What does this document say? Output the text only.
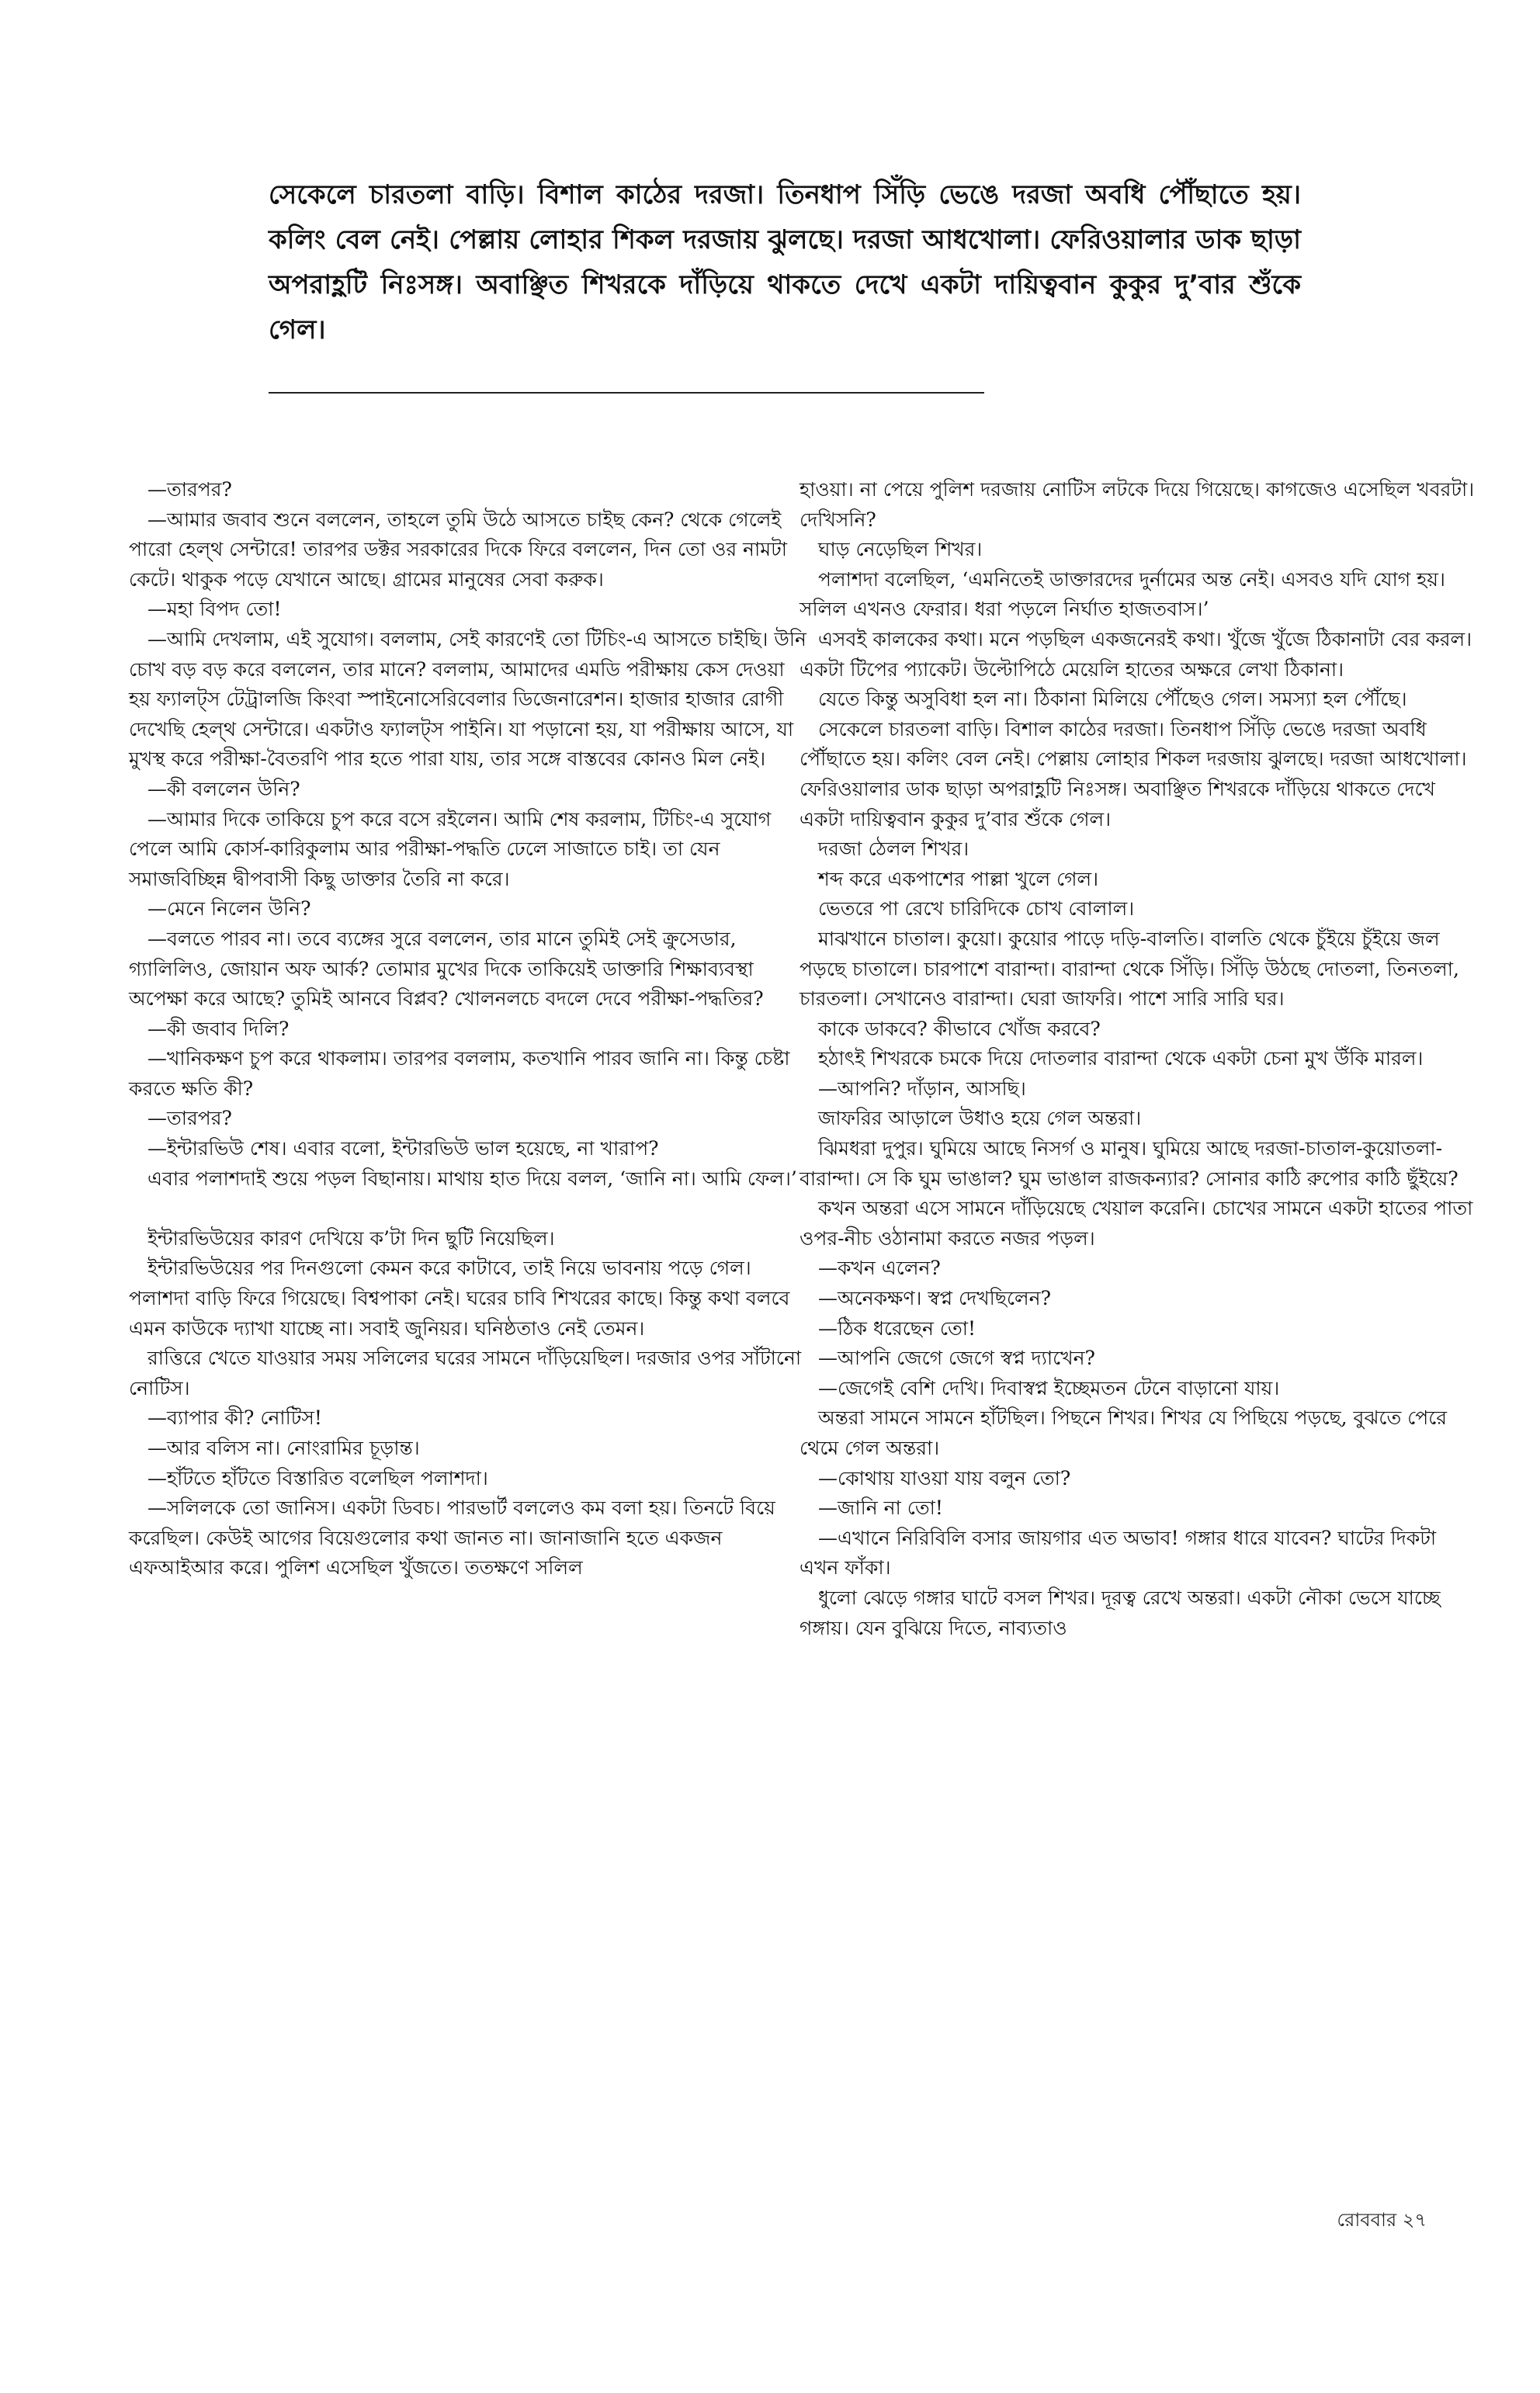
সেকেলে চারতলা বাড়ি। বিশাল কাঠের দরজা। তিনধাপ সিঁড়ি ভেঙে দরজা অবধি পৌঁছাতে হয়। কলিং বেল নেই। পেল্লায় লোহার শিকল দরজায় ঝুলছে। দরজা আধখোলা। ফেরিওয়ালার ডাক ছাড়া অপরাহ্ণটি নিঃসঙ্গ। অবাঞ্ছিত শিখরকে দাঁড়িয়ে থাকতে দেখে একটা দায়িত্ববান কুকুর দু’বার শুঁকে গেল।

—তারপর?

—আমার জবাব শুনে বললেন, তাহলে তুমি উঠে আসতে চাইছ কেন? থেকে গেলেই পারো হেল্‌থ সেন্টারে! তারপর ডক্টর সরকারের দিকে ফিরে বললেন, দিন তো ওর নামটা কেটে। থাকুক পড়ে যেখানে আছে। গ্রামের মানুষের সেবা করুক।

—মহা বিপদ তো!

—আমি দেখলাম, এই সুযোগ। বললাম, সেই কারণেই তো টিচিং-এ আসতে চাইছি। উনি চোখ বড় বড় করে বললেন, তার মানে? বললাম, আমাদের এমডি পরীক্ষায় কেস দেওয়া হয় ফ্যালট্‌স টেট্রালজি কিংবা স্পাইনোসেরিবেলার ডিজেনারেশন। হাজার হাজার রোগী দেখেছি হেল্‌থ সেন্টারে। একটাও ফ্যালট্‌স পাইনি। যা পড়ানো হয়, যা পরীক্ষায় আসে, যা মুখস্থ করে পরীক্ষা-বৈতরণি পার হতে পারা যায়, তার সঙ্গে বাস্তবের কোনও মিল নেই।

—কী বললেন উনি?

—আমার দিকে তাকিয়ে চুপ করে বসে রইলেন। আমি শেষ করলাম, টিচিং-এ সুযোগ পেলে আমি কোর্স-কারিকুলাম আর পরীক্ষা-পদ্ধতি ঢেলে সাজাতে চাই। তা যেন সমাজবিচ্ছিন্ন দ্বীপবাসী কিছু ডাক্তার তৈরি না করে।

—মেনে নিলেন উনি?

—বলতে পারব না। তবে ব্যঙ্গের সুরে বললেন, তার মানে তুমিই সেই ক্রুসেডার, গ্যালিলিও, জোয়ান অফ আর্ক? তোমার মুখের দিকে তাকিয়েই ডাক্তারি শিক্ষাব্যবস্থা অপেক্ষা করে আছে? তুমিই আনবে বিপ্লব? খোলনলচে বদলে দেবে পরীক্ষা-পদ্ধতির?

—কী জবাব দিলি?

—খানিকক্ষণ চুপ করে থাকলাম। তারপর বললাম, কতখানি পারব জানি না। কিন্তু চেষ্টা করতে ক্ষতি কী?

—তারপর?

—ইন্টারভিউ শেষ। এবার বলো, ইন্টারভিউ ভাল হয়েছে, না খারাপ?

এবার পলাশদাই শুয়ে পড়ল বিছানায়। মাথায় হাত দিয়ে বলল, ‘জানি না। আমি ফেল।’

ইন্টারভিউয়ের কারণ দেখিয়ে ক’টা দিন ছুটি নিয়েছিল।

ইন্টারভিউয়ের পর দিনগুলো কেমন করে কাটাবে, তাই নিয়ে ভাবনায় পড়ে গেল। পলাশদা বাড়ি ফিরে গিয়েছে। বিশ্বপাকা নেই। ঘরের চাবি শিখরের কাছে। কিন্তু কথা বলবে এমন কাউকে দ্যাখা যাচ্ছে না। সবাই জুনিয়র। ঘনিষ্ঠতাও নেই তেমন।

রাত্তিরে খেতে যাওয়ার সময় সলিলের ঘরের সামনে দাঁড়িয়েছিল। দরজার ওপর সাঁটানো নোটিস।

—ব্যাপার কী? নোটিস!

—আর বলিস না। নোংরামির চূড়ান্ত।

—হাঁটতে হাঁটতে বিস্তারিত বলেছিল পলাশদা।

—সলিলকে তো জানিস। একটা ডিবচ। পারভার্ট বললেও কম বলা হয়। তিনটে বিয়ে করেছিল। কেউই আগের বিয়েগুলোর কথা জানত না। জানাজানি হতে একজন এফআইআর করে। পুলিশ এসেছিল খুঁজতে। ততক্ষণে সলিল

হাওয়া। না পেয়ে পুলিশ দরজায় নোটিস লটকে দিয়ে গিয়েছে। কাগজেও এসেছিল খবরটা। দেখিসনি?

ঘাড় নেড়েছিল শিখর।

পলাশদা বলেছিল, ‘এমনিতেই ডাক্তারদের দুর্নামের অন্ত নেই। এসবও যদি যোগ হয়। সলিল এখনও ফেরার। ধরা পড়লে নির্ঘাত হাজতবাস।’

এসবই কালকের কথা। মনে পড়ছিল একজনেরই কথা। খুঁজে খুঁজে ঠিকানাটা বের করল। একটা টিপের প্যাকেট। উল্টোপিঠে মেয়েলি হাতের অক্ষরে লেখা ঠিকানা।

যেতে কিন্তু অসুবিধা হল না। ঠিকানা মিলিয়ে পৌঁছেও গেল। সমস্যা হল পৌঁছে।

সেকেলে চারতলা বাড়ি। বিশাল কাঠের দরজা। তিনধাপ সিঁড়ি ভেঙে দরজা অবধি পৌঁছাতে হয়। কলিং বেল নেই। পেল্লায় লোহার শিকল দরজায় ঝুলছে। দরজা আধখোলা। ফেরিওয়ালার ডাক ছাড়া অপরাহ্ণটি নিঃসঙ্গ। অবাঞ্ছিত শিখরকে দাঁড়িয়ে থাকতে দেখে একটা দায়িত্ববান কুকুর দু’বার শুঁকে গেল।

দরজা ঠেলল শিখর।

শব্দ করে একপাশের পাল্লা খুলে গেল।

ভেতরে পা রেখে চারিদিকে চোখ বোলাল।

মাঝখানে চাতাল। কুয়ো। কুয়োর পাড়ে দড়ি-বালতি। বালতি থেকে চুঁইয়ে চুঁইয়ে জল পড়ছে চাতালে। চারপাশে বারান্দা। বারান্দা থেকে সিঁড়ি। সিঁড়ি উঠছে দোতলা, তিনতলা, চারতলা। সেখানেও বারান্দা। ঘেরা জাফরি। পাশে সারি সারি ঘর।

কাকে ডাকবে? কীভাবে খোঁজ করবে?

হঠাৎই শিখরকে চমকে দিয়ে দোতলার বারান্দা থেকে একটা চেনা মুখ উঁকি মারল।

—আপনি? দাঁড়ান, আসছি।

জাফরির আড়ালে উধাও হয়ে গেল অন্তরা।

ঝিমধরা দুপুর। ঘুমিয়ে আছে নিসর্গ ও মানুষ। ঘুমিয়ে আছে দরজা-চাতাল-কুয়োতলা-বারান্দা। সে কি ঘুম ভাঙাল? ঘুম ভাঙাল রাজকন্যার? সোনার কাঠি রুপোর কাঠি ছুঁইয়ে?

কখন অন্তরা এসে সামনে দাঁড়িয়েছে খেয়াল করেনি। চোখের সামনে একটা হাতের পাতা ওপর-নীচ ওঠানামা করতে নজর পড়ল।

—কখন এলেন?

—অনেকক্ষণ। স্বপ্ন দেখছিলেন?

—ঠিক ধরেছেন তো!

—আপনি জেগে জেগে স্বপ্ন দ্যাখেন?

—জেগেই বেশি দেখি। দিবাস্বপ্ন ইচ্ছেমতন টেনে বাড়ানো যায়।

অন্তরা সামনে সামনে হাঁটছিল। পিছনে শিখর। শিখর যে পিছিয়ে পড়ছে, বুঝতে পেরে থেমে গেল অন্তরা।

—কোথায় যাওয়া যায় বলুন তো?

—জানি না তো!

—এখানে নিরিবিলি বসার জায়গার এত অভাব! গঙ্গার ধারে যাবেন? ঘাটের দিকটা এখন ফাঁকা।

ধুলো ঝেড়ে গঙ্গার ঘাটে বসল শিখর। দূরত্ব রেখে অন্তরা। একটা নৌকা ভেসে যাচ্ছে গঙ্গায়। যেন বুঝিয়ে দিতে, নাব্যতাও

রোববার ২৭
